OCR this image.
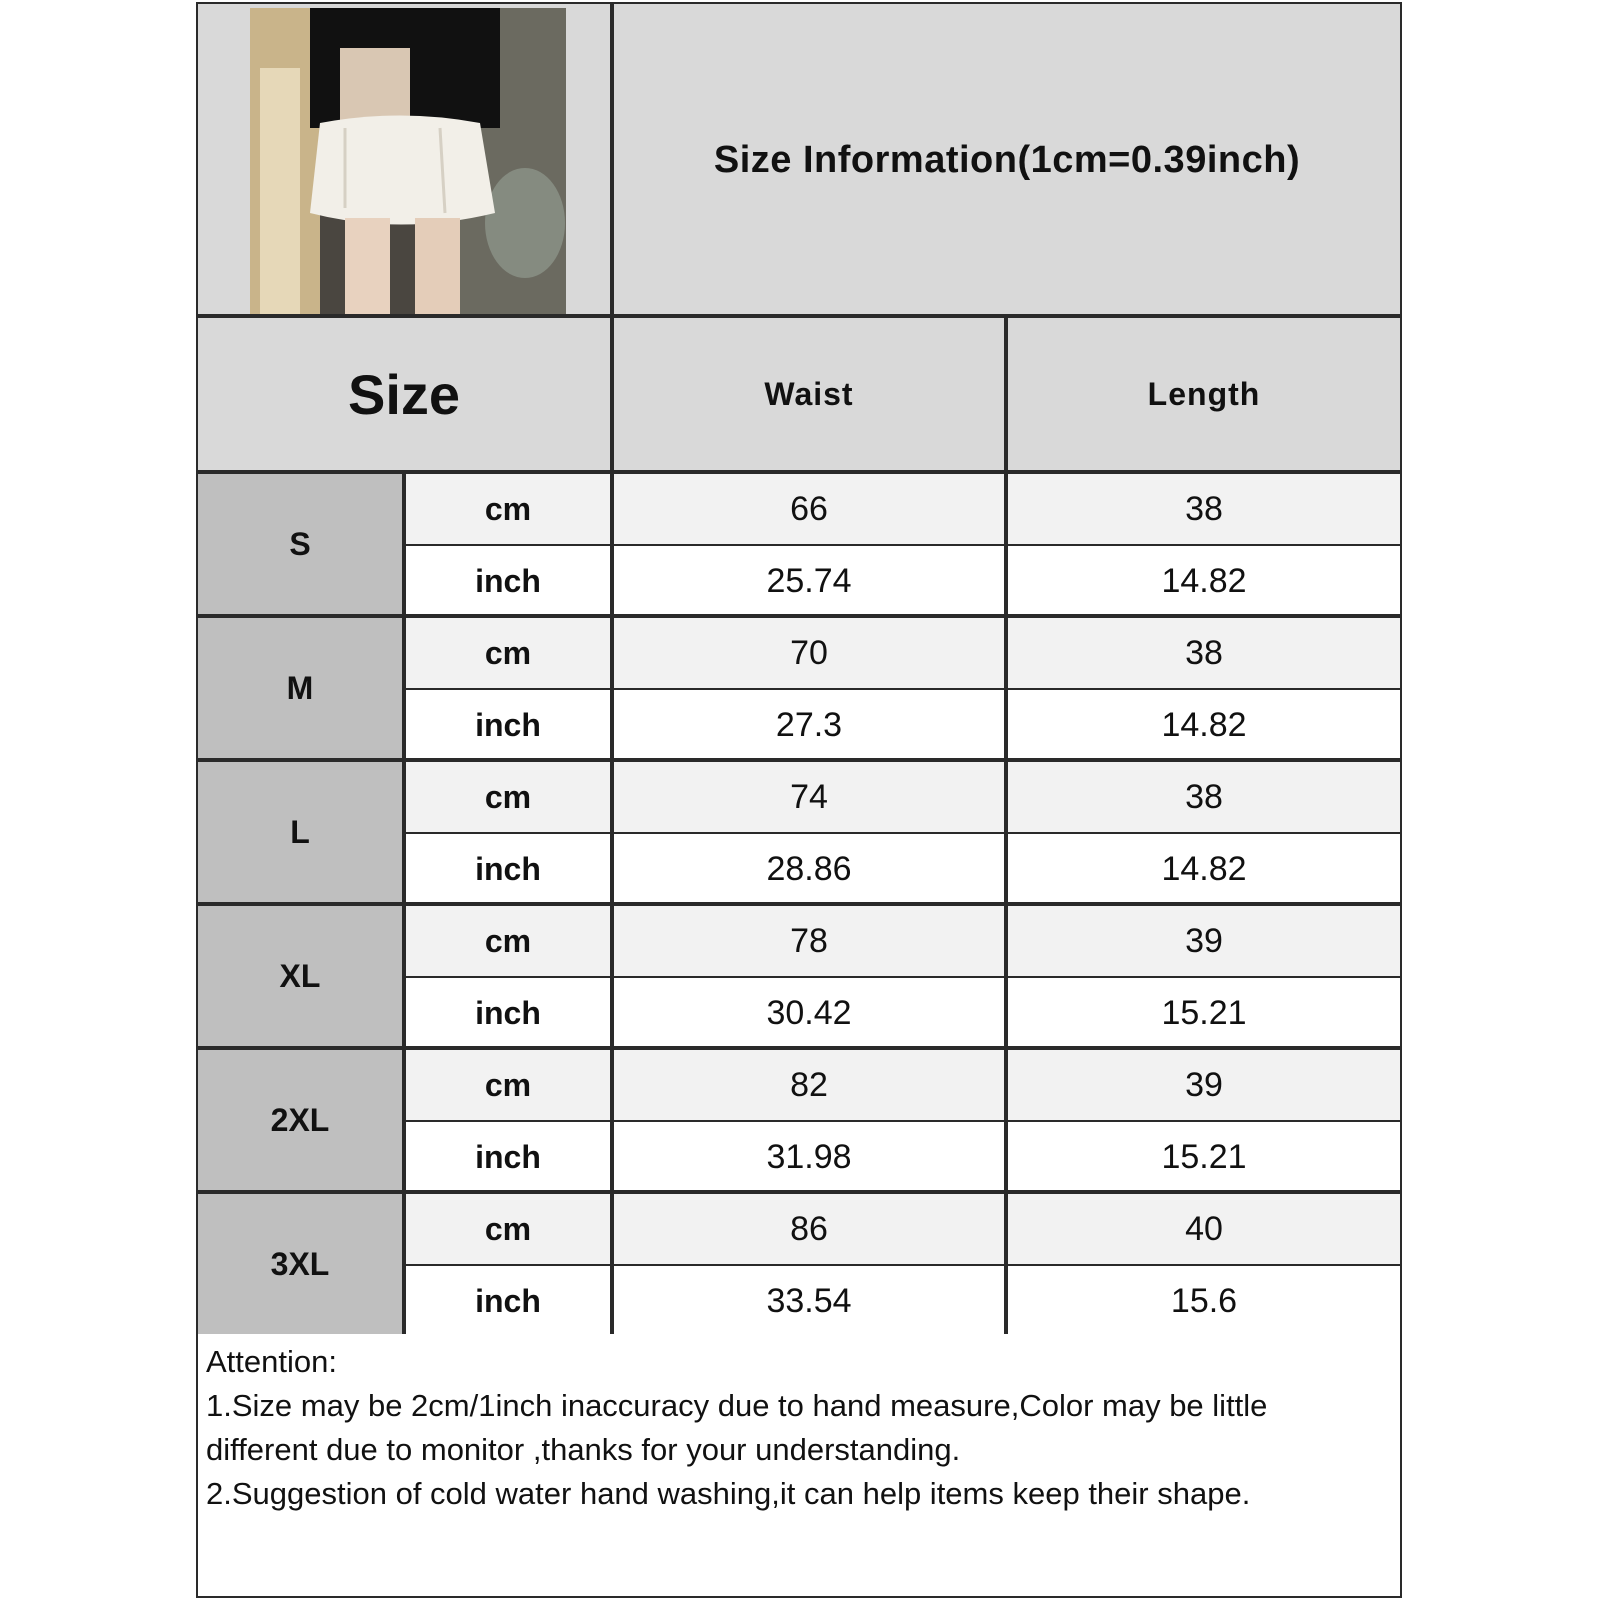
Size Information(1cm=0.39inch)
Size	Waist	Length
S
cm	66	38
inch	25.74	14.82
M
cm	70	38
inch	27.3	14.82
L
cm	74	38
inch	28.86	14.82
XL
cm	78	39
inch	30.42	15.21
2XL
cm	82	39
inch	31.98	15.21
3XL
cm	86	40
inch	33.54	15.6
Attention:
1.Size may be 2cm/1inch inaccuracy due to hand measure,Color may be little
different due to monitor ,thanks for your understanding.
2.Suggestion of cold water hand washing,it can help items keep their shape.
